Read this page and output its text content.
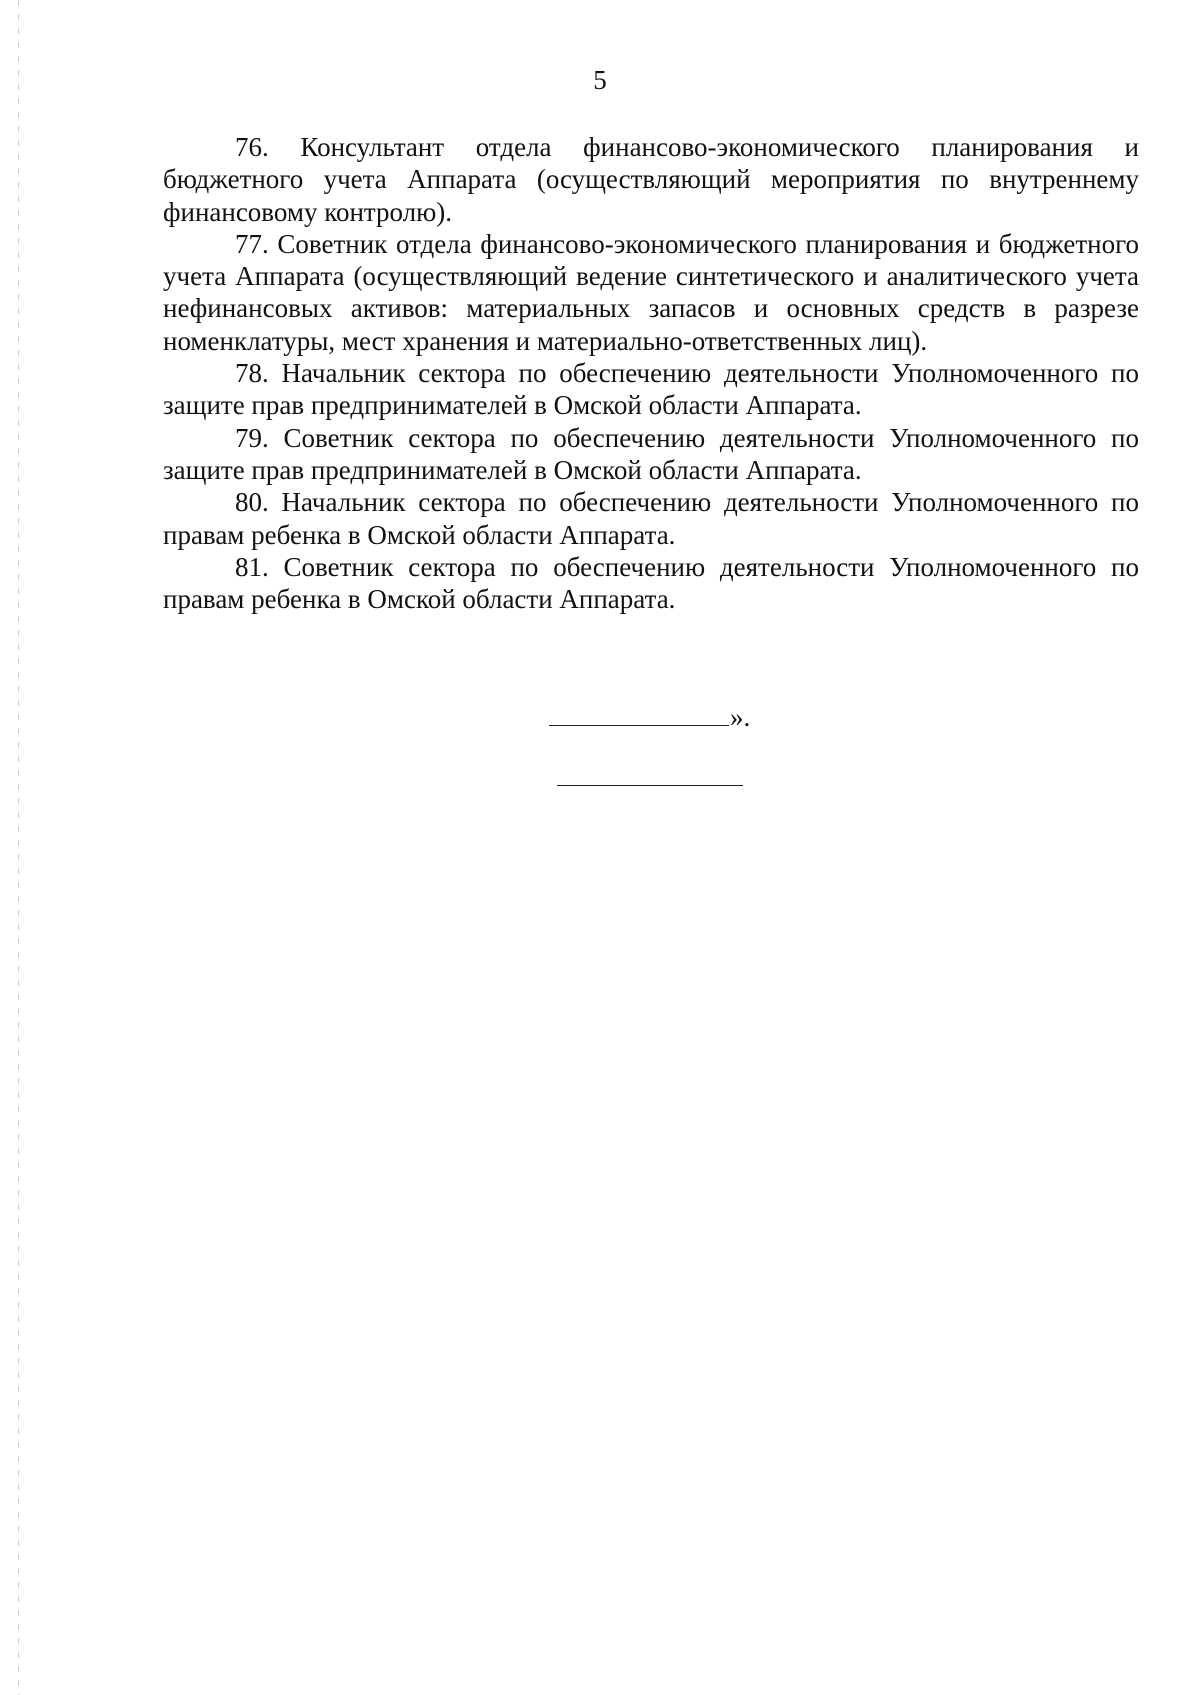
5

76. Консультант отдела финансово-экономического планирования и бюджетного учета Аппарата (осуществляющий мероприятия по внутреннему финансовому контролю).

77. Советник отдела финансово-экономического планирования и бюджетного учета Аппарата (осуществляющий ведение синтетического и аналитического учета нефинансовых активов: материальных запасов и основных средств в разрезе номенклатуры, мест хранения и материально-ответственных лиц).

78. Начальник сектора по обеспечению деятельности Уполномоченного по защите прав предпринимателей в Омской области Аппарата.

79. Советник сектора по обеспечению деятельности Уполномоченного по защите прав предпринимателей в Омской области Аппарата.

80. Начальник сектора по обеспечению деятельности Уполномоченного по правам ребенка в Омской области Аппарата.

81. Советник сектора по обеспечению деятельности Уполномоченного по правам ребенка в Омской области Аппарата.

».
